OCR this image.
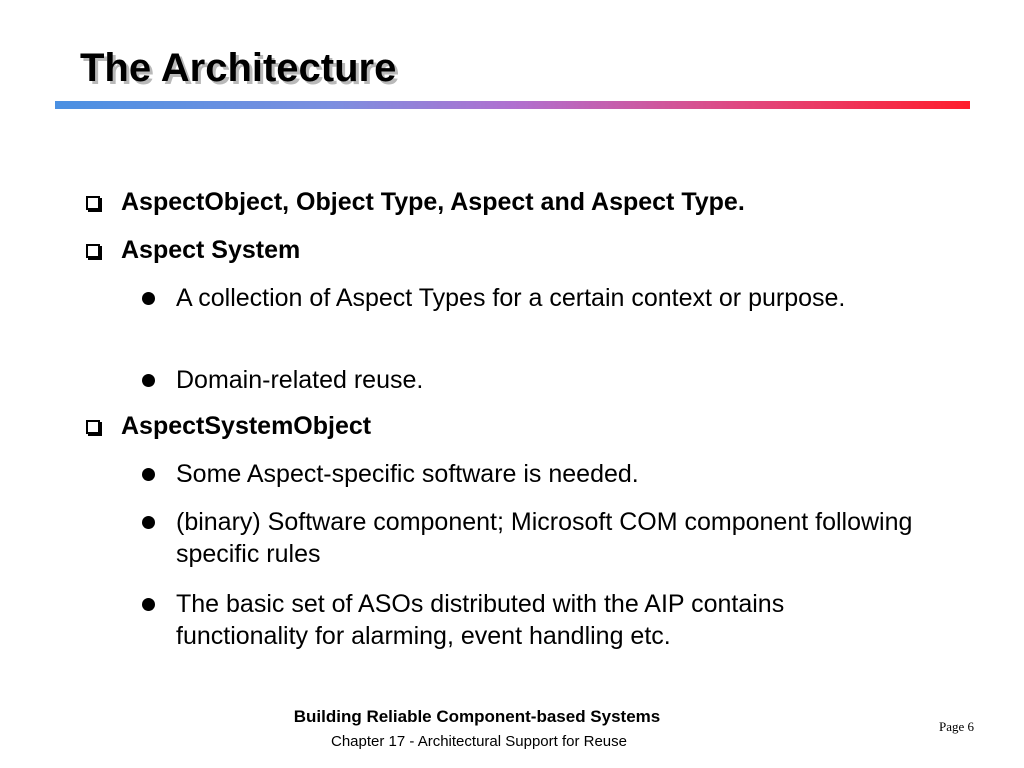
The Architecture
AspectObject, Object Type, Aspect and Aspect Type.
Aspect System
A collection of Aspect Types for a certain context or purpose.
Domain-related reuse.
AspectSystemObject
Some Aspect-specific software is needed.
(binary) Software component; Microsoft COM component following specific rules
The basic set of ASOs distributed with the AIP contains functionality for alarming, event handling etc.
Building Reliable Component-based Systems
Chapter 17 - Architectural Support for Reuse
Page 6
